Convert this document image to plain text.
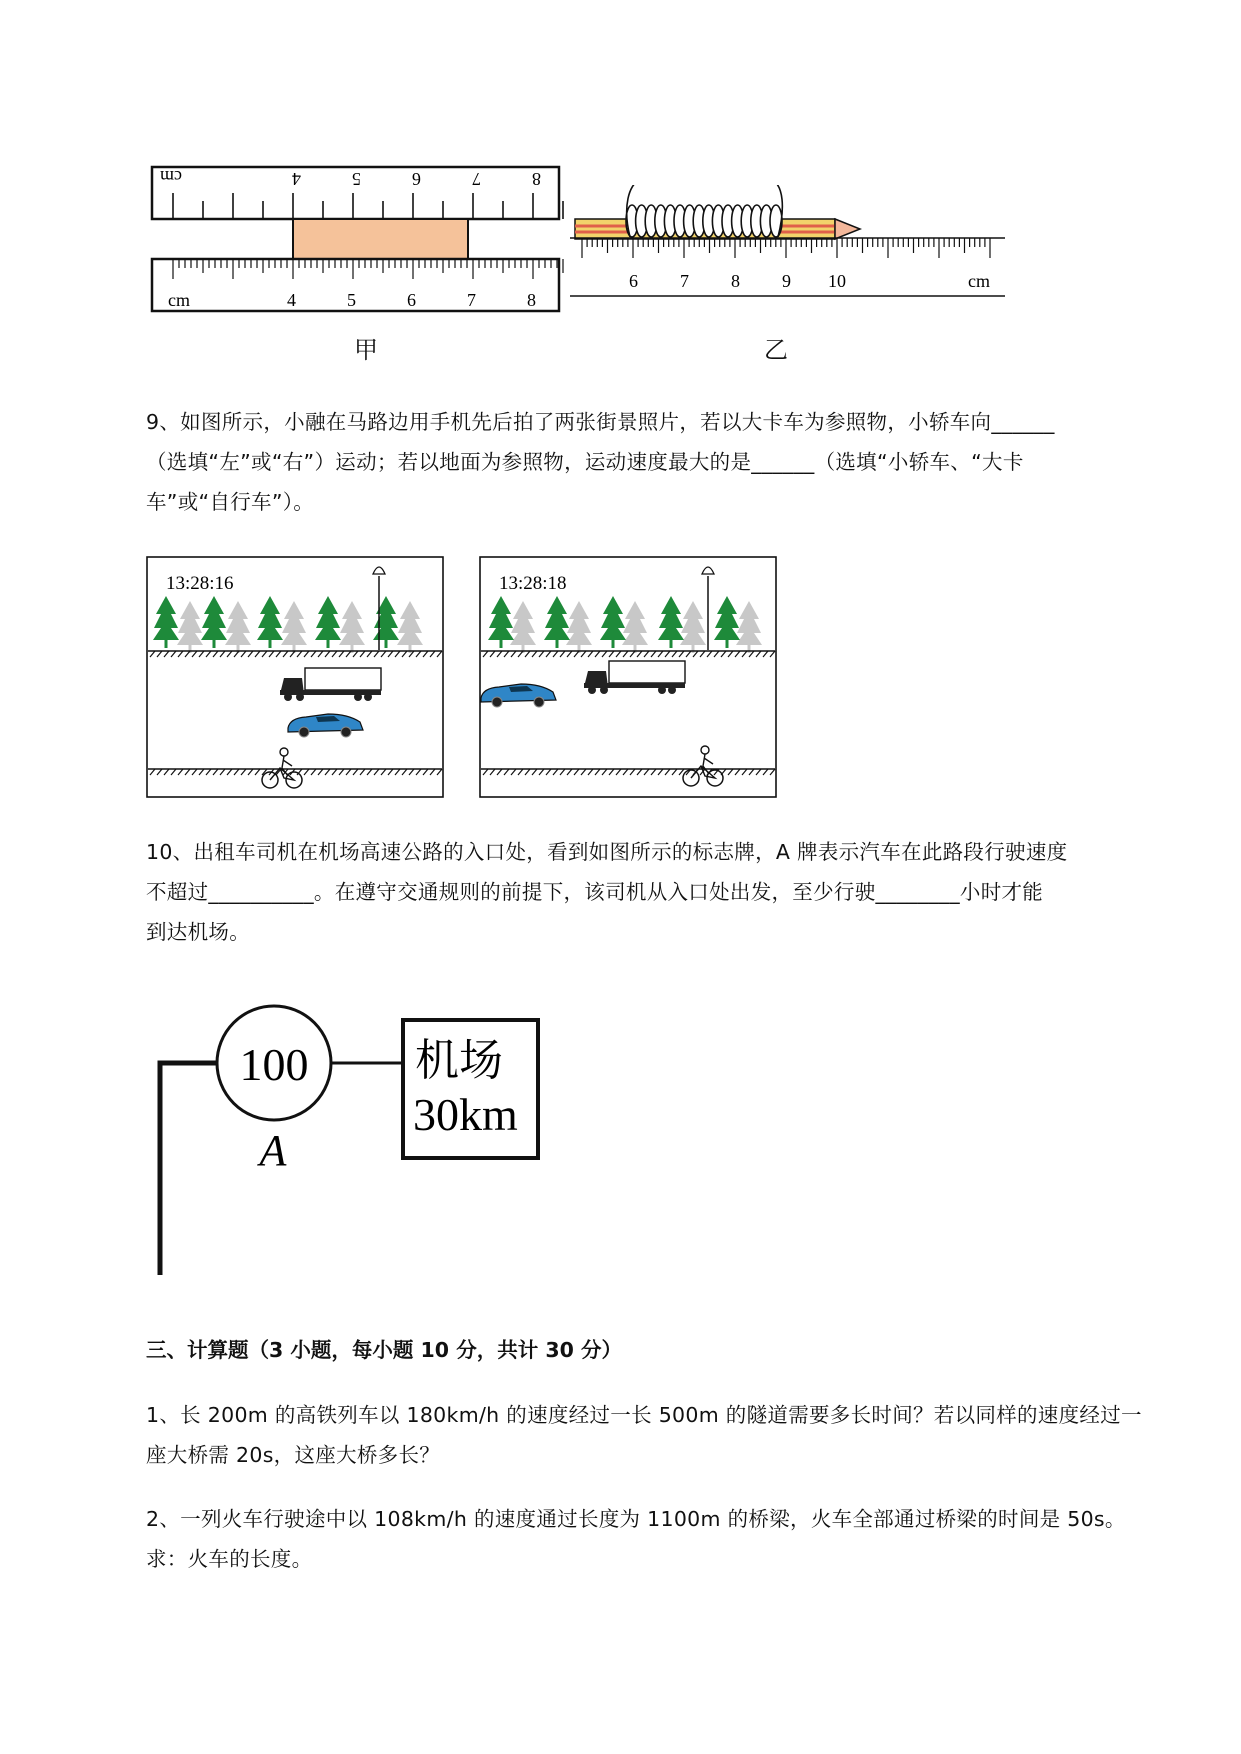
cm	4	5	6	7	8
cm	4	5	6	7	8
甲
6 7 8 9 10	cm
乙

9、如图所示，小融在马路边用手机先后拍了两张街景照片，若以大卡车为参照物，小轿车向______

（选填“左”或“右”）运动；若以地面为参照物，运动速度最大的是______（选填“小轿车、“大卡

车”或“自行车”）。

13:28:16	13:28:18

10、出租车司机在机场高速公路的入口处，看到如图所示的标志牌，A 牌表示汽车在此路段行驶速度

不超过__________。在遵守交通规则的前提下，该司机从入口处出发，至少行驶________小时才能

到达机场。

100
A
机场
30km
三、计算题（3 小题，每小题 10 分，共计 30 分）

1、长 200m 的高铁列车以 180km/h 的速度经过一长 500m 的隧道需要多长时间？若以同样的速度经过一

座大桥需 20s，这座大桥多长？

2、一列火车行驶途中以 108km/h 的速度通过长度为 1100m 的桥梁，火车全部通过桥梁的时间是 50s。

求：火车的长度。
